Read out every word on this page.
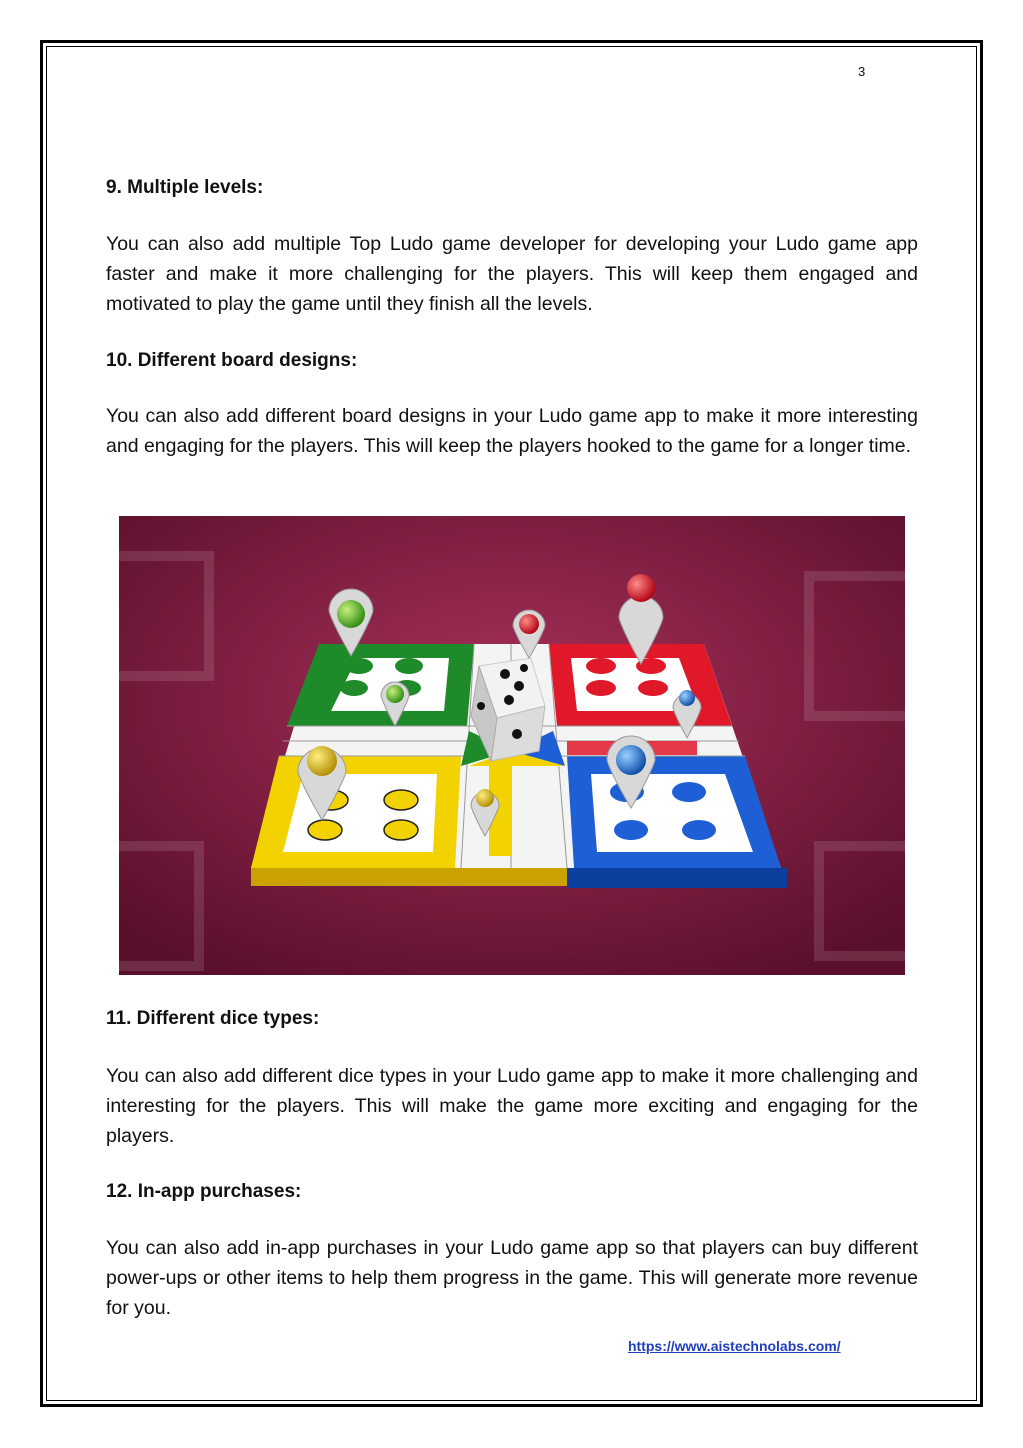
3
9. Multiple levels:

You can also add multiple Top Ludo game developer for developing your Ludo game app faster and make it more challenging for the players. This will keep them engaged and motivated to play the game until they finish all the levels.

10. Different board designs:

You can also add different board designs in your Ludo game app to make it more interesting and engaging for the players. This will keep the players hooked to the game for a longer time.

11. Different dice types:

You can also add different dice types in your Ludo game app to make it more challenging and interesting for the players. This will make the game more exciting and engaging for the players.

12. In-app purchases:

You can also add in-app purchases in your Ludo game app so that players can buy different power-ups or other items to help them progress in the game. This will generate more revenue for you.

https://www.aistechnolabs.com/
